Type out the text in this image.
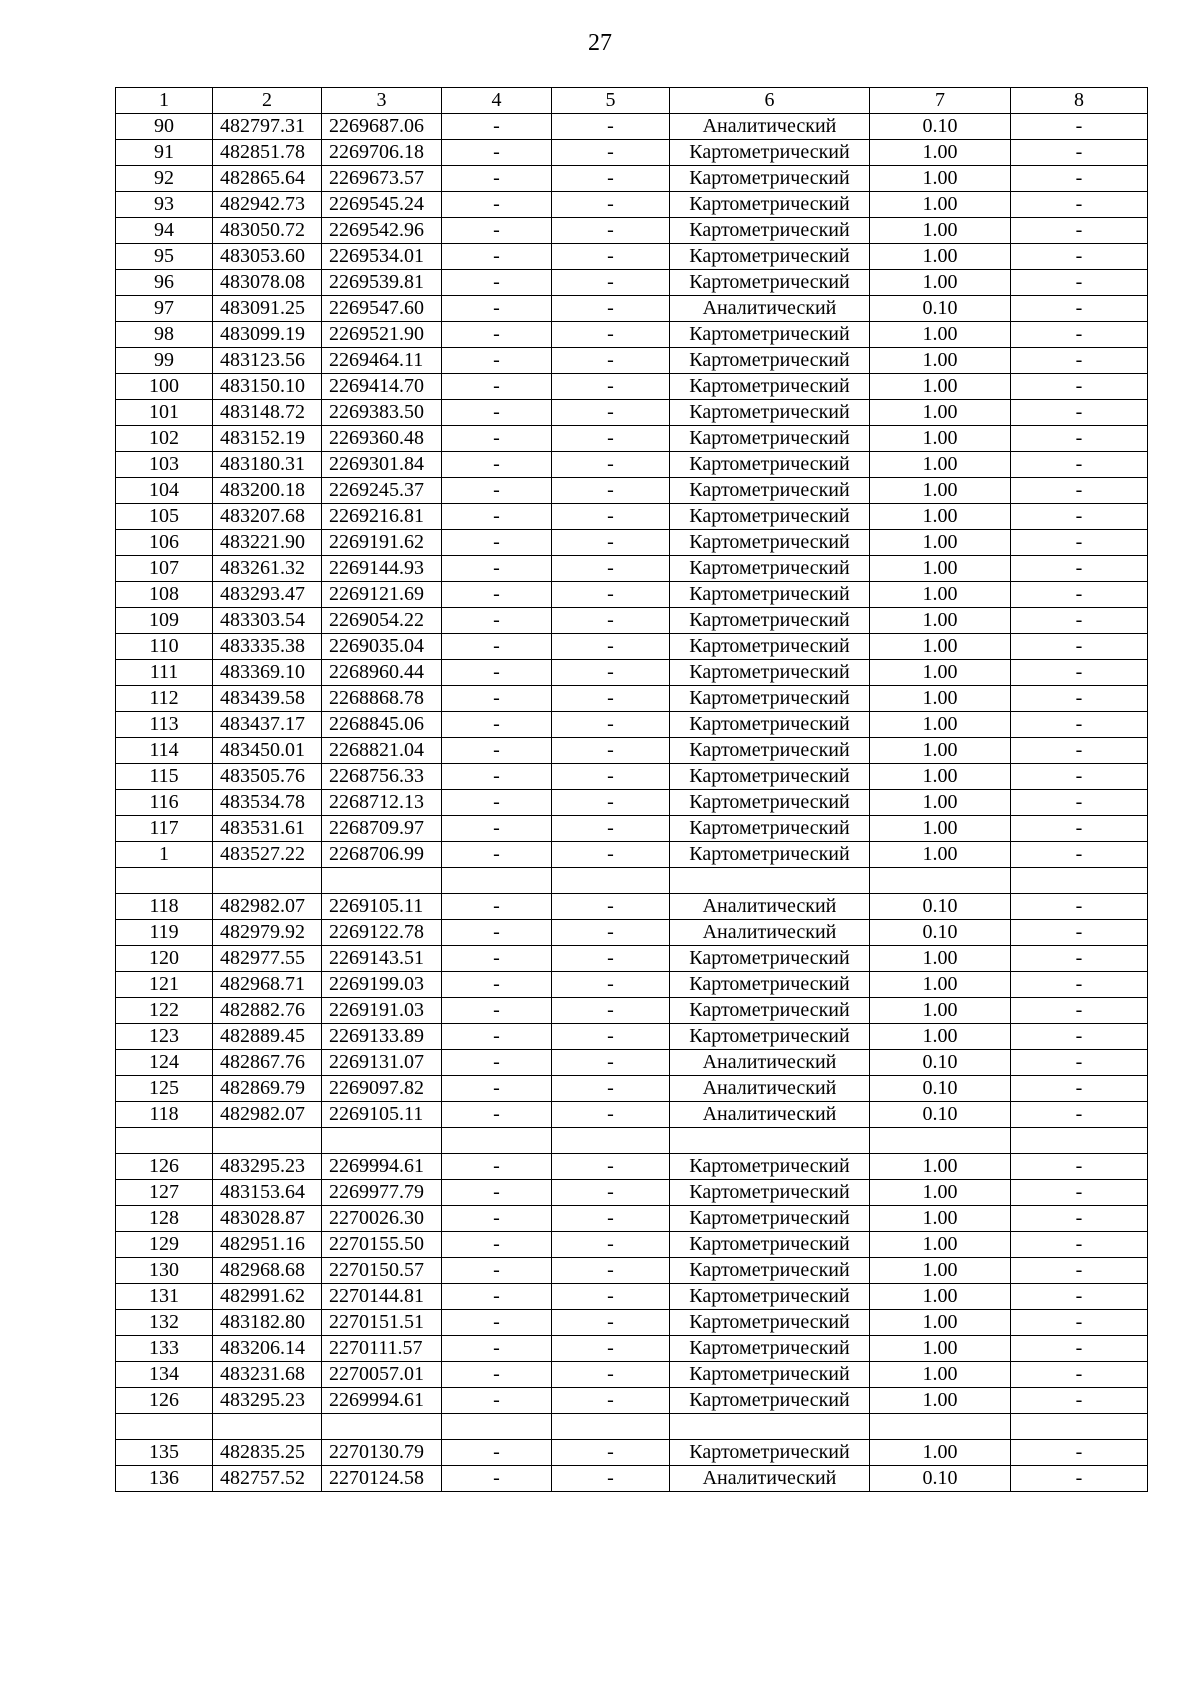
27
1	2	3	4	5	6	7	8
90	482797.31	2269687.06	-	-	Аналитический	0.10	-
91	482851.78	2269706.18	-	-	Картометрический	1.00	-
92	482865.64	2269673.57	-	-	Картометрический	1.00	-
93	482942.73	2269545.24	-	-	Картометрический	1.00	-
94	483050.72	2269542.96	-	-	Картометрический	1.00	-
95	483053.60	2269534.01	-	-	Картометрический	1.00	-
96	483078.08	2269539.81	-	-	Картометрический	1.00	-
97	483091.25	2269547.60	-	-	Аналитический	0.10	-
98	483099.19	2269521.90	-	-	Картометрический	1.00	-
99	483123.56	2269464.11	-	-	Картометрический	1.00	-
100	483150.10	2269414.70	-	-	Картометрический	1.00	-
101	483148.72	2269383.50	-	-	Картометрический	1.00	-
102	483152.19	2269360.48	-	-	Картометрический	1.00	-
103	483180.31	2269301.84	-	-	Картометрический	1.00	-
104	483200.18	2269245.37	-	-	Картометрический	1.00	-
105	483207.68	2269216.81	-	-	Картометрический	1.00	-
106	483221.90	2269191.62	-	-	Картометрический	1.00	-
107	483261.32	2269144.93	-	-	Картометрический	1.00	-
108	483293.47	2269121.69	-	-	Картометрический	1.00	-
109	483303.54	2269054.22	-	-	Картометрический	1.00	-
110	483335.38	2269035.04	-	-	Картометрический	1.00	-
111	483369.10	2268960.44	-	-	Картометрический	1.00	-
112	483439.58	2268868.78	-	-	Картометрический	1.00	-
113	483437.17	2268845.06	-	-	Картометрический	1.00	-
114	483450.01	2268821.04	-	-	Картометрический	1.00	-
115	483505.76	2268756.33	-	-	Картометрический	1.00	-
116	483534.78	2268712.13	-	-	Картометрический	1.00	-
117	483531.61	2268709.97	-	-	Картометрический	1.00	-
1	483527.22	2268706.99	-	-	Картометрический	1.00	-

118	482982.07	2269105.11	-	-	Аналитический	0.10	-
119	482979.92	2269122.78	-	-	Аналитический	0.10	-
120	482977.55	2269143.51	-	-	Картометрический	1.00	-
121	482968.71	2269199.03	-	-	Картометрический	1.00	-
122	482882.76	2269191.03	-	-	Картометрический	1.00	-
123	482889.45	2269133.89	-	-	Картометрический	1.00	-
124	482867.76	2269131.07	-	-	Аналитический	0.10	-
125	482869.79	2269097.82	-	-	Аналитический	0.10	-
118	482982.07	2269105.11	-	-	Аналитический	0.10	-

126	483295.23	2269994.61	-	-	Картометрический	1.00	-
127	483153.64	2269977.79	-	-	Картометрический	1.00	-
128	483028.87	2270026.30	-	-	Картометрический	1.00	-
129	482951.16	2270155.50	-	-	Картометрический	1.00	-
130	482968.68	2270150.57	-	-	Картометрический	1.00	-
131	482991.62	2270144.81	-	-	Картометрический	1.00	-
132	483182.80	2270151.51	-	-	Картометрический	1.00	-
133	483206.14	2270111.57	-	-	Картометрический	1.00	-
134	483231.68	2270057.01	-	-	Картометрический	1.00	-
126	483295.23	2269994.61	-	-	Картометрический	1.00	-

135	482835.25	2270130.79	-	-	Картометрический	1.00	-
136	482757.52	2270124.58	-	-	Аналитический	0.10	-
